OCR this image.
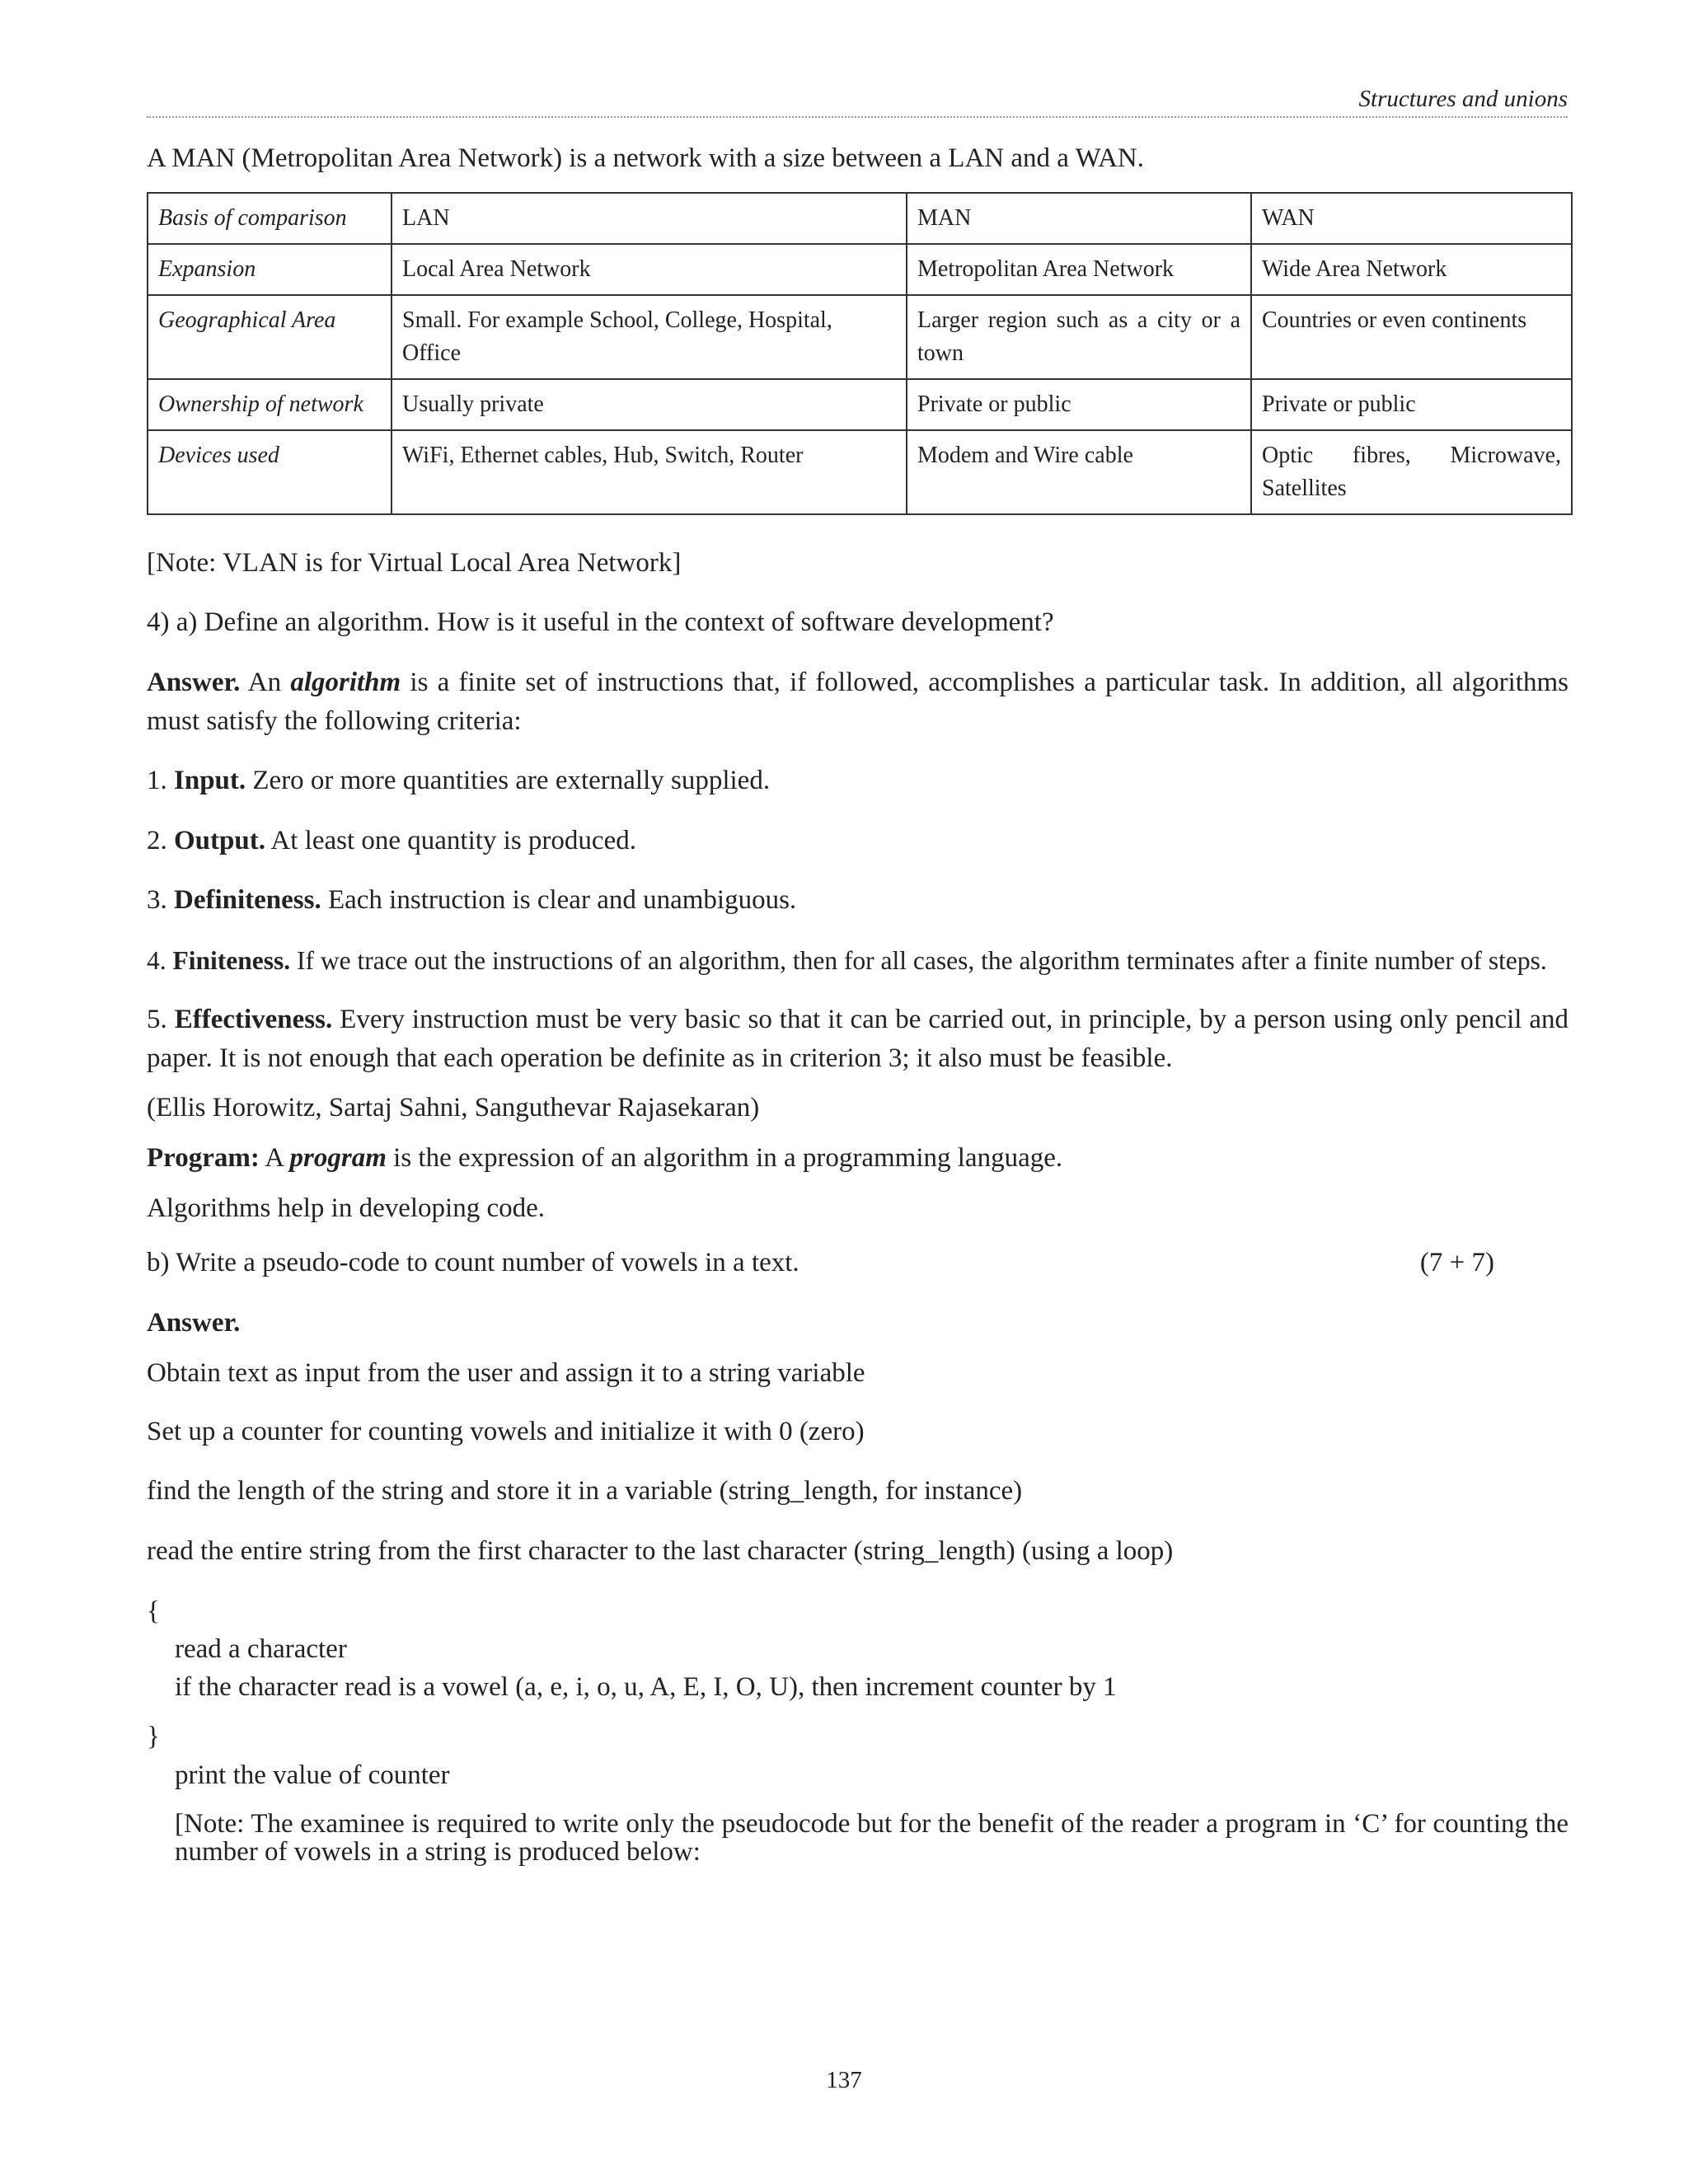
Structures and unions
A MAN (Metropolitan Area Network) is a network with a size between a LAN and a WAN.
Basis of comparison	LAN	MAN	WAN
Expansion	Local Area Network	Metropolitan Area Network	Wide Area Network
Geographical Area	Small. For example School, College, Hospital, Office	Larger region such as a city or a town	Countries or even continents
Ownership of network	Usually private	Private or public	Private or public
Devices used	WiFi, Ethernet cables, Hub, Switch, Router	Modem and Wire cable	Optic fibres, Microwave, Satellites
[Note: VLAN is for Virtual Local Area Network]
4) a) Define an algorithm. How is it useful in the context of software development?
Answer. An algorithm is a finite set of instructions that, if followed, accomplishes a particular task. In addition, all algorithms must satisfy the following criteria:
1. Input. Zero or more quantities are externally supplied.
2. Output. At least one quantity is produced.
3. Definiteness. Each instruction is clear and unambiguous.
4. Finiteness. If we trace out the instructions of an algorithm, then for all cases, the algorithm terminates after a finite number of steps.
5. Effectiveness. Every instruction must be very basic so that it can be carried out, in principle, by a person using only pencil and paper. It is not enough that each operation be definite as in criterion 3; it also must be feasible.
(Ellis Horowitz, Sartaj Sahni, Sanguthevar Rajasekaran)
Program: A program is the expression of an algorithm in a programming language.
Algorithms help in developing code.
b) Write a pseudo-code to count number of vowels in a text.	(7 + 7)
Answer.
Obtain text as input from the user and assign it to a string variable
Set up a counter for counting vowels and initialize it with 0 (zero)
find the length of the string and store it in a variable (string_length, for instance)
read the entire string from the first character to the last character (string_length) (using a loop)
{
read a character
if the character read is a vowel (a, e, i, o, u, A, E, I, O, U), then increment counter by 1
}
print the value of counter
[Note: The examinee is required to write only the pseudocode but for the benefit of the reader a program in ‘C’ for counting the number of vowels in a string is produced below:
137
